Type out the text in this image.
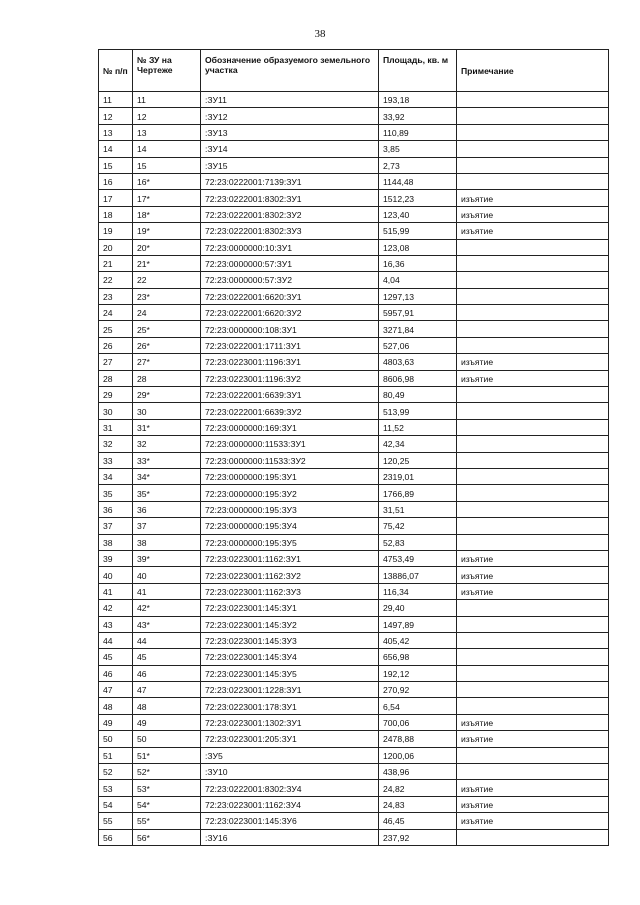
38
№ п/п	№ ЗУ на Чертеже	Обозначение образуемого земельного участка	Площадь, кв. м	Примечание
11	11	:ЗУ11	193,18	
12	12	:ЗУ12	33,92	
13	13	:ЗУ13	110,89	
14	14	:ЗУ14	3,85	
15	15	:ЗУ15	2,73	
16	16*	72:23:0222001:7139:ЗУ1	1144,48	
17	17*	72:23:0222001:8302:ЗУ1	1512,23	изъятие
18	18*	72:23:0222001:8302:ЗУ2	123,40	изъятие
19	19*	72:23:0222001:8302:ЗУ3	515,99	изъятие
20	20*	72:23:0000000:10:ЗУ1	123,08	
21	21*	72:23:0000000:57:ЗУ1	16,36	
22	22	72:23:0000000:57:ЗУ2	4,04	
23	23*	72:23:0222001:6620:ЗУ1	1297,13	
24	24	72:23:0222001:6620:ЗУ2	5957,91	
25	25*	72:23:0000000:108:ЗУ1	3271,84	
26	26*	72:23:0222001:1711:ЗУ1	527,06	
27	27*	72:23:0223001:1196:ЗУ1	4803,63	изъятие
28	28	72:23:0223001:1196:ЗУ2	8606,98	изъятие
29	29*	72:23:0222001:6639:ЗУ1	80,49	
30	30	72:23:0222001:6639:ЗУ2	513,99	
31	31*	72:23:0000000:169:ЗУ1	11,52	
32	32	72:23:0000000:11533:ЗУ1	42,34	
33	33*	72:23:0000000:11533:ЗУ2	120,25	
34	34*	72:23:0000000:195:ЗУ1	2319,01	
35	35*	72:23:0000000:195:ЗУ2	1766,89	
36	36	72:23:0000000:195:ЗУ3	31,51	
37	37	72:23:0000000:195:ЗУ4	75,42	
38	38	72:23:0000000:195:ЗУ5	52,83	
39	39*	72:23:0223001:1162:ЗУ1	4753,49	изъятие
40	40	72:23:0223001:1162:ЗУ2	13886,07	изъятие
41	41	72:23:0223001:1162:ЗУ3	116,34	изъятие
42	42*	72:23:0223001:145:ЗУ1	29,40	
43	43*	72:23:0223001:145:ЗУ2	1497,89	
44	44	72:23:0223001:145:ЗУ3	405,42	
45	45	72:23:0223001:145:ЗУ4	656,98	
46	46	72:23:0223001:145:ЗУ5	192,12	
47	47	72:23:0223001:1228:ЗУ1	270,92	
48	48	72:23:0223001:178:ЗУ1	6,54	
49	49	72:23:0223001:1302:ЗУ1	700,06	изъятие
50	50	72:23:0223001:205:ЗУ1	2478,88	изъятие
51	51*	:ЗУ5	1200,06	
52	52*	:ЗУ10	438,96	
53	53*	72:23:0222001:8302:ЗУ4	24,82	изъятие
54	54*	72:23:0223001:1162:ЗУ4	24,83	изъятие
55	55*	72:23:0223001:145:ЗУ6	46,45	изъятие
56	56*	:ЗУ16	237,92	
